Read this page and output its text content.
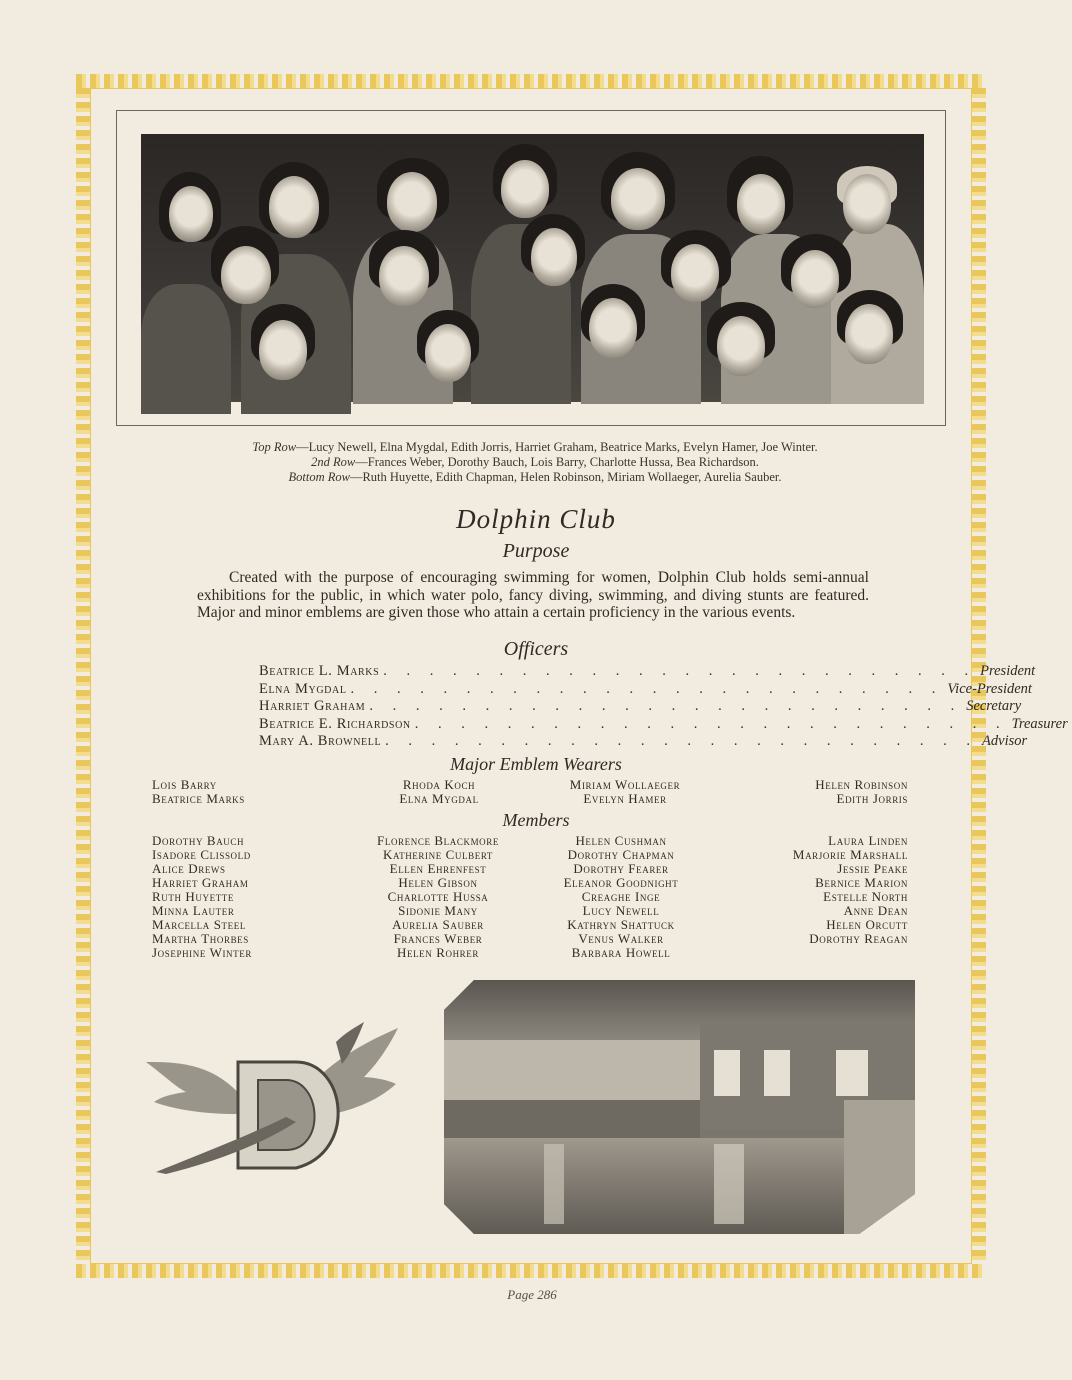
Top Row—Lucy Newell, Elna Mygdal, Edith Jorris, Harriet Graham, Beatrice Marks, Evelyn Hamer, Joe Winter.
2nd Row—Frances Weber, Dorothy Bauch, Lois Barry, Charlotte Hussa, Bea Richardson.
Bottom Row—Ruth Huyette, Edith Chapman, Helen Robinson, Miriam Wollaeger, Aurelia Sauber.
Dolphin Club
Purpose
Created with the purpose of encouraging swimming for women, Dolphin Club holds semi-annual exhibitions for the public, in which water polo, fancy diving, swimming, and diving stunts are featured. Major and minor emblems are given those who attain a certain proficiency in the various events.
Officers
Beatrice L. Marks . . . . . . . . . . . . . . . . . . . . . . . . . . President
Elna Mygdal . . . . . . . . . . . . . . . . . . . . . . . . . . Vice-President
Harriet Graham . . . . . . . . . . . . . . . . . . . . . . . . . . Secretary
Beatrice E. Richardson . . . . . . . . . . . . . . . . . . . . . . . . . . Treasurer
Mary A. Brownell . . . . . . . . . . . . . . . . . . . . . . . . . . Advisor
Major Emblem Wearers
Lois Barry
Beatrice Marks
Rhoda Koch
Elna Mygdal
Miriam Wollaeger
Evelyn Hamer
Helen Robinson
Edith Jorris
Members
Dorothy Bauch
Isadore Clissold
Alice Drews
Harriet Graham
Ruth Huyette
Minna Lauter
Marcella Steel
Martha Thorbes
Josephine Winter
Florence Blackmore
Katherine Culbert
Ellen Ehrenfest
Helen Gibson
Charlotte Hussa
Sidonie Many
Aurelia Sauber
Frances Weber
Helen Rohrer
Helen Cushman
Dorothy Chapman
Dorothy Fearer
Eleanor Goodnight
Creaghe Inge
Lucy Newell
Kathryn Shattuck
Venus Walker
Barbara Howell
Laura Linden
Marjorie Marshall
Jessie Peake
Bernice Marion
Estelle North
Anne Dean
Helen Orcutt
Dorothy Reagan
Page 286
